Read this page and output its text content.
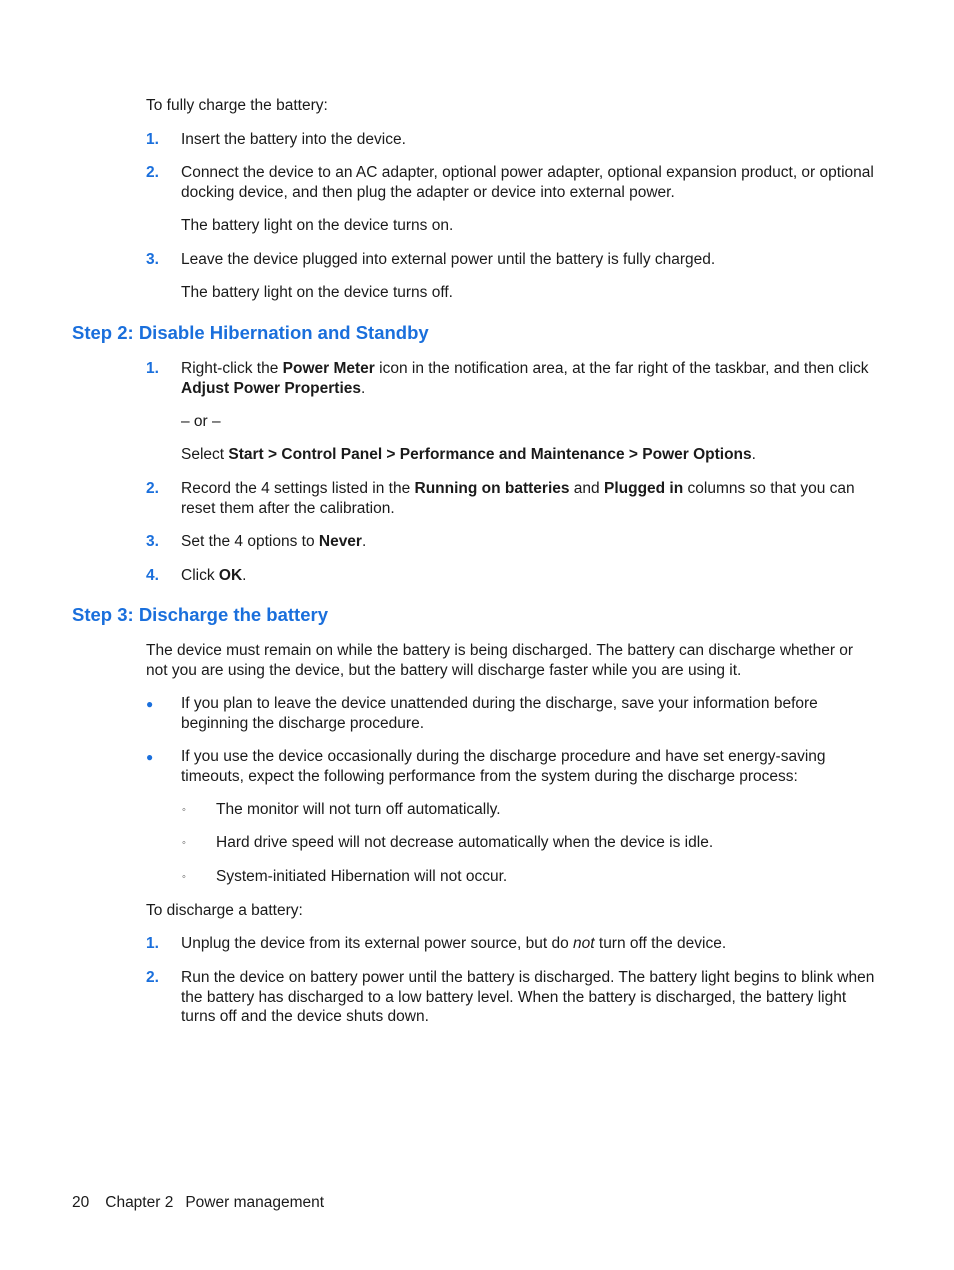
To fully charge the battery:
1. Insert the battery into the device.
2. Connect the device to an AC adapter, optional power adapter, optional expansion product, or optional docking device, and then plug the adapter or device into external power.
The battery light on the device turns on.
3. Leave the device plugged into external power until the battery is fully charged.
The battery light on the device turns off.
Step 2: Disable Hibernation and Standby
1. Right-click the Power Meter icon in the notification area, at the far right of the taskbar, and then click Adjust Power Properties.
– or –
Select Start > Control Panel > Performance and Maintenance > Power Options.
2. Record the 4 settings listed in the Running on batteries and Plugged in columns so that you can reset them after the calibration.
3. Set the 4 options to Never.
4. Click OK.
Step 3: Discharge the battery
The device must remain on while the battery is being discharged. The battery can discharge whether or not you are using the device, but the battery will discharge faster while you are using it.
● If you plan to leave the device unattended during the discharge, save your information before beginning the discharge procedure.
● If you use the device occasionally during the discharge procedure and have set energy-saving timeouts, expect the following performance from the system during the discharge process:
◦ The monitor will not turn off automatically.
◦ Hard drive speed will not decrease automatically when the device is idle.
◦ System-initiated Hibernation will not occur.
To discharge a battery:
1. Unplug the device from its external power source, but do not turn off the device.
2. Run the device on battery power until the battery is discharged. The battery light begins to blink when the battery has discharged to a low battery level. When the battery is discharged, the battery light turns off and the device shuts down.
20 Chapter 2 Power management
